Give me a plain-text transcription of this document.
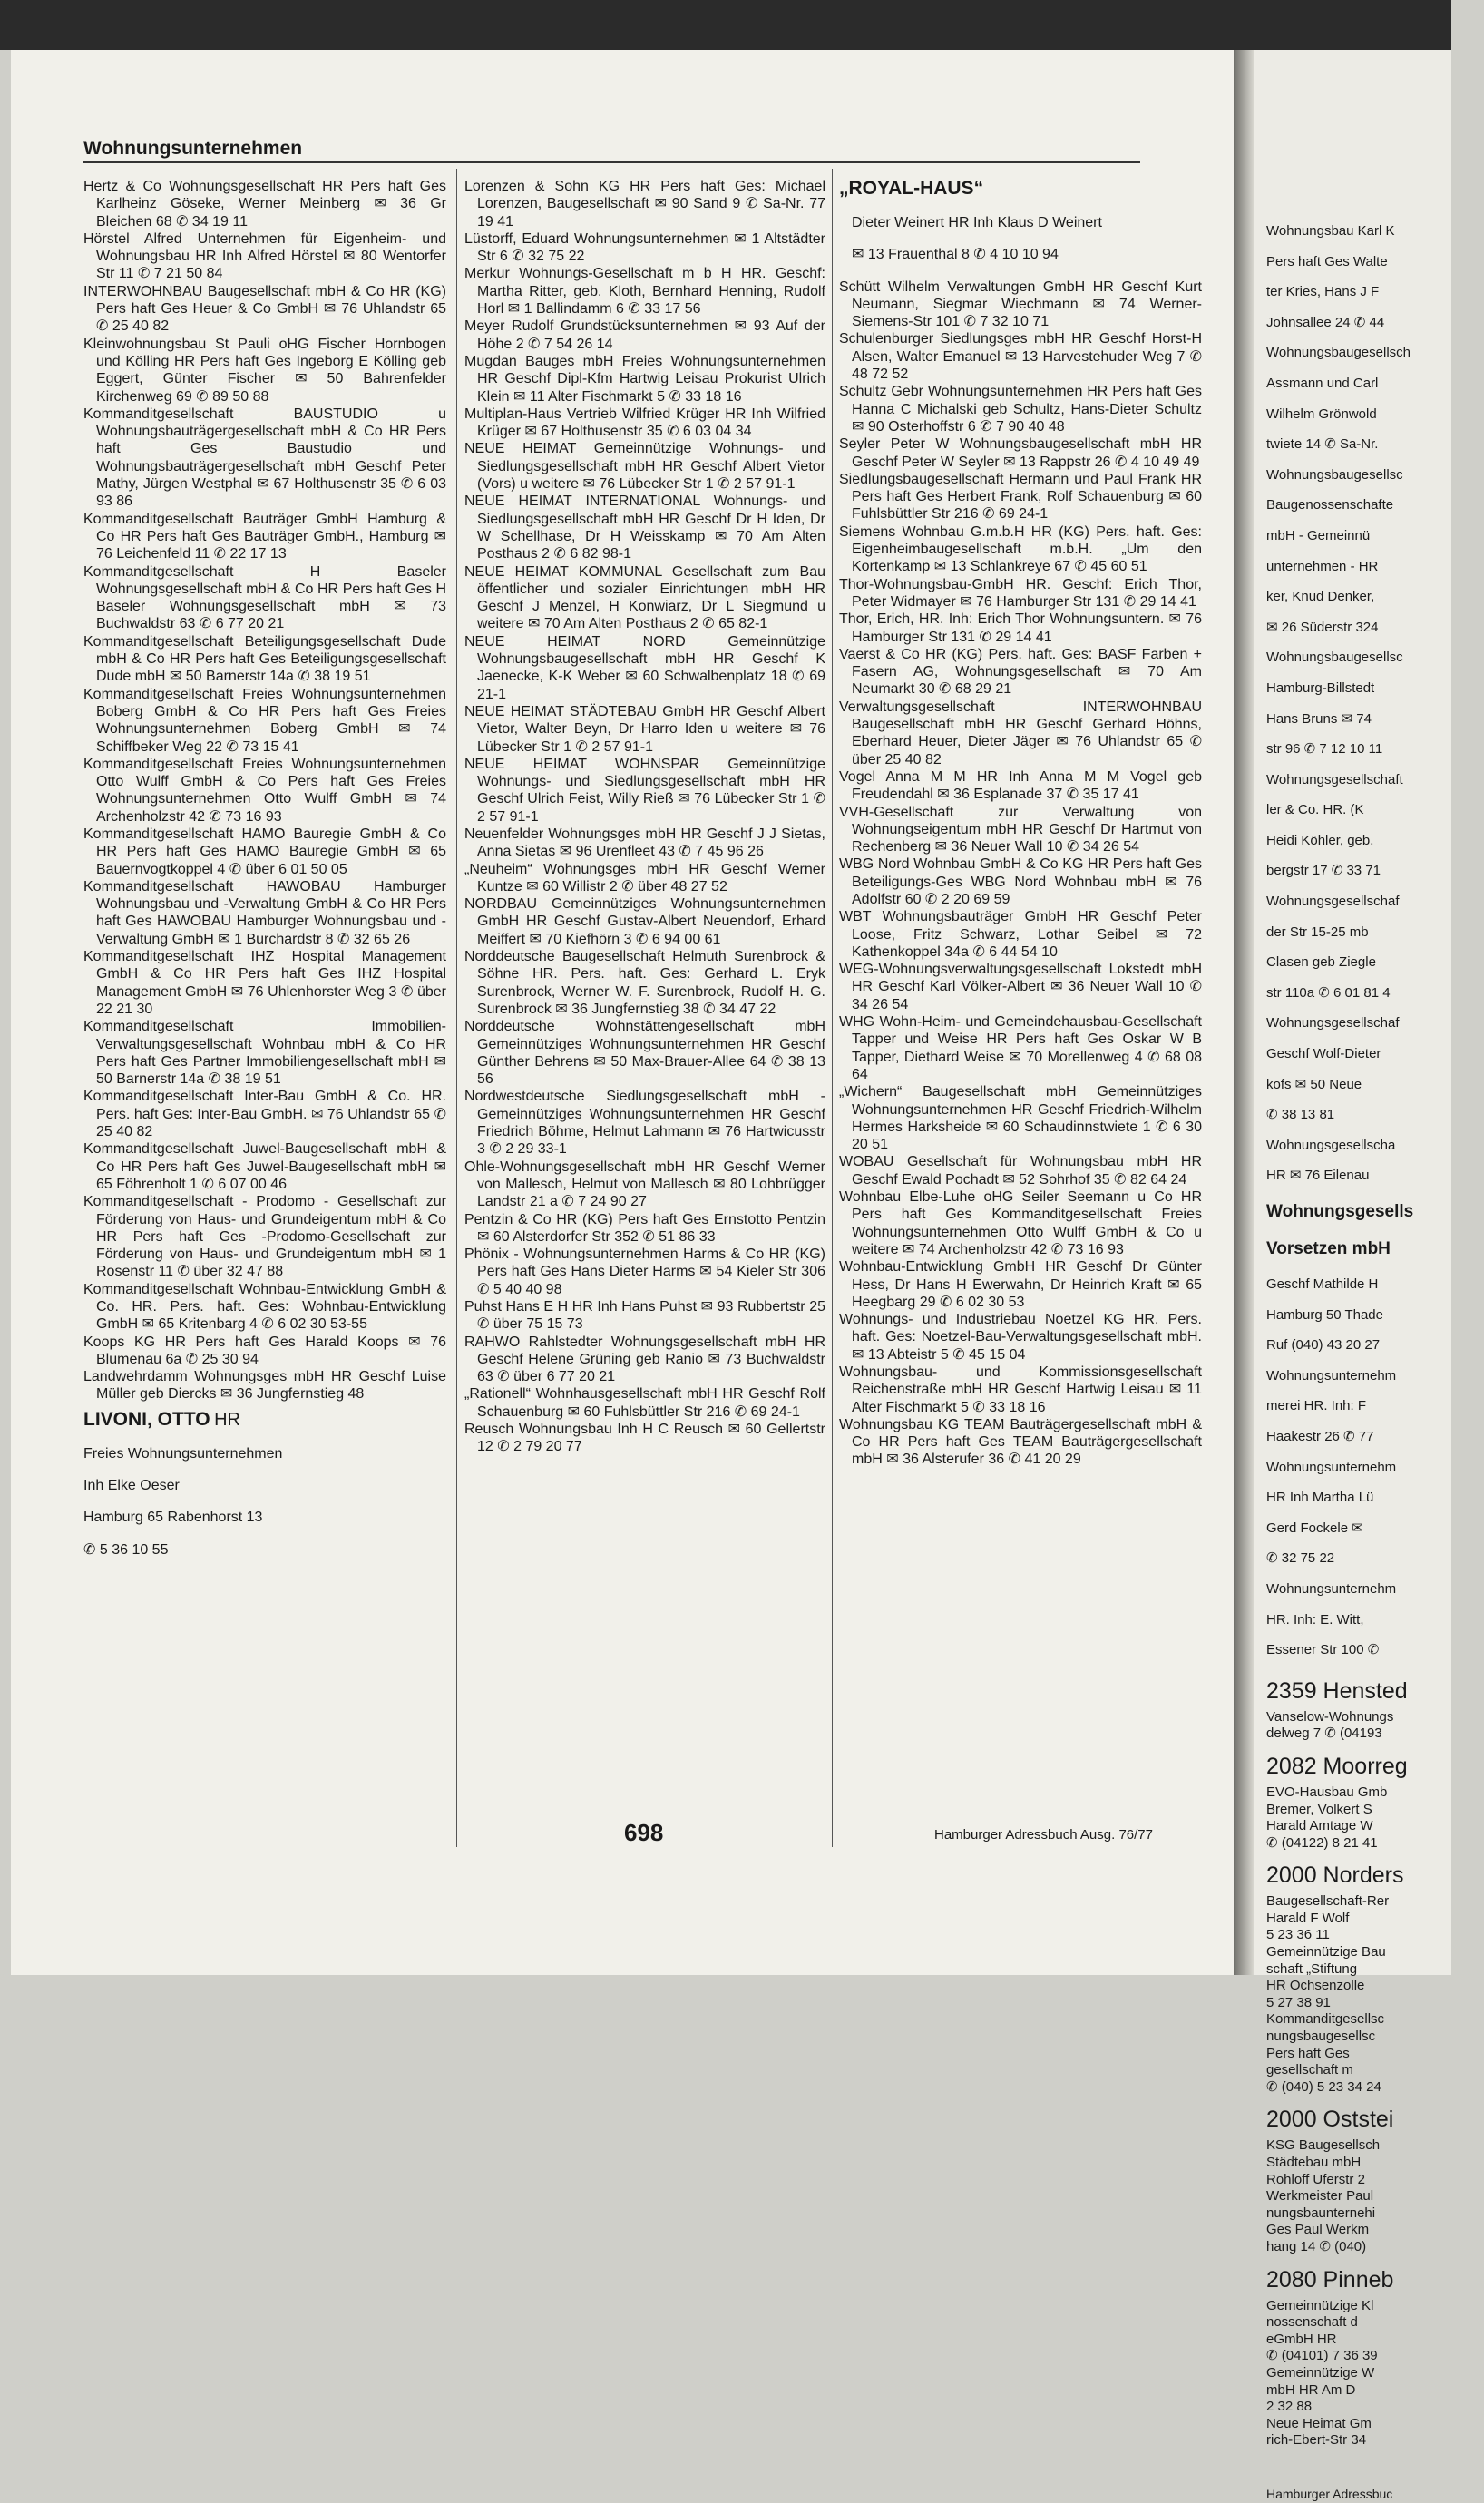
Wohnungsunternehmen

Hertz & Co Wohnungsgesellschaft HR Pers haft Ges Karlheinz Göseke, Werner Meinberg ✉ 36 Gr Bleichen 68 ✆ 34 19 11

Hörstel Alfred Unternehmen für Eigenheim- und Wohnungsbau HR Inh Alfred Hörstel ✉ 80 Wentorfer Str 11 ✆ 7 21 50 84

INTERWOHNBAU Baugesellschaft mbH & Co HR (KG) Pers haft Ges Heuer & Co GmbH ✉ 76 Uhlandstr 65 ✆ 25 40 82

Kleinwohnungsbau St Pauli oHG Fischer Hornbogen und Kölling HR Pers haft Ges Ingeborg E Kölling geb Eggert, Günter Fischer ✉ 50 Bahrenfelder Kirchenweg 69 ✆ 89 50 88

Kommanditgesellschaft BAUSTUDIO u Wohnungsbauträgergesellschaft mbH & Co HR Pers haft Ges Baustudio und Wohnungsbauträgergesellschaft mbH Geschf Peter Mathy, Jürgen Westphal ✉ 67 Holthusenstr 35 ✆ 6 03 93 86

Kommanditgesellschaft Bauträger GmbH Hamburg & Co HR Pers haft Ges Bauträger GmbH., Hamburg ✉ 76 Leichenfeld 11 ✆ 22 17 13

Kommanditgesellschaft H Baseler Wohnungsgesellschaft mbH & Co HR Pers haft Ges H Baseler Wohnungsgesellschaft mbH ✉ 73 Buchwaldstr 63 ✆ 6 77 20 21

Kommanditgesellschaft Beteiligungsgesellschaft Dude mbH & Co HR Pers haft Ges Beteiligungsgesellschaft Dude mbH ✉ 50 Barnerstr 14a ✆ 38 19 51

Kommanditgesellschaft Freies Wohnungsunternehmen Boberg GmbH & Co HR Pers haft Ges Freies Wohnungsunternehmen Boberg GmbH ✉ 74 Schiffbeker Weg 22 ✆ 73 15 41

Kommanditgesellschaft Freies Wohnungsunternehmen Otto Wulff GmbH & Co Pers haft Ges Freies Wohnungsunternehmen Otto Wulff GmbH ✉ 74 Archenholzstr 42 ✆ 73 16 93

Kommanditgesellschaft HAMO Bauregie GmbH & Co HR Pers haft Ges HAMO Bauregie GmbH ✉ 65 Bauernvogtkoppel 4 ✆ über 6 01 50 05

Kommanditgesellschaft HAWOBAU Hamburger Wohnungsbau und -Verwaltung GmbH & Co HR Pers haft Ges HAWOBAU Hamburger Wohnungsbau und -Verwaltung GmbH ✉ 1 Burchardstr 8 ✆ 32 65 26

Kommanditgesellschaft IHZ Hospital Management GmbH & Co HR Pers haft Ges IHZ Hospital Management GmbH ✉ 76 Uhlenhorster Weg 3 ✆ über 22 21 30

Kommanditgesellschaft Immobilien-Verwaltungsgesellschaft Wohnbau mbH & Co HR Pers haft Ges Partner Immobiliengesellschaft mbH ✉ 50 Barnerstr 14a ✆ 38 19 51

Kommanditgesellschaft Inter-Bau GmbH & Co. HR. Pers. haft Ges: Inter-Bau GmbH. ✉ 76 Uhlandstr 65 ✆ 25 40 82

Kommanditgesellschaft Juwel-Baugesellschaft mbH & Co HR Pers haft Ges Juwel-Baugesellschaft mbH ✉ 65 Föhrenholt 1 ✆ 6 07 00 46

Kommanditgesellschaft - Prodomo - Gesellschaft zur Förderung von Haus- und Grundeigentum mbH & Co HR Pers haft Ges -Prodomo-Gesellschaft zur Förderung von Haus- und Grundeigentum mbH ✉ 1 Rosenstr 11 ✆ über 32 47 88

Kommanditgesellschaft Wohnbau-Entwicklung GmbH & Co. HR. Pers. haft. Ges: Wohnbau-Entwicklung GmbH ✉ 65 Kritenbarg 4 ✆ 6 02 30 53-55

Koops KG HR Pers haft Ges Harald Koops ✉ 76 Blumenau 6a ✆ 25 30 94

Landwehrdamm Wohnungsges mbH HR Geschf Luise Müller geb Diercks ✉ 36 Jungfernstieg 48

LIVONI, OTTO HR

Freies Wohnungsunternehmen

Inh Elke Oeser

Hamburg 65 Rabenhorst 13

✆ 5 36 10 55

Lorenzen & Sohn KG HR Pers haft Ges: Michael Lorenzen, Baugesellschaft ✉ 90 Sand 9 ✆ Sa-Nr. 77 19 41

Lüstorff, Eduard Wohnungsunternehmen ✉ 1 Altstädter Str 6 ✆ 32 75 22

Merkur Wohnungs-Gesellschaft m b H HR. Geschf: Martha Ritter, geb. Kloth, Bernhard Henning, Rudolf Horl ✉ 1 Ballindamm 6 ✆ 33 17 56

Meyer Rudolf Grundstücksunternehmen ✉ 93 Auf der Höhe 2 ✆ 7 54 26 14

Mugdan Bauges mbH Freies Wohnungsunternehmen HR Geschf Dipl-Kfm Hartwig Leisau Prokurist Ulrich Klein ✉ 11 Alter Fischmarkt 5 ✆ 33 18 16

Multiplan-Haus Vertrieb Wilfried Krüger HR Inh Wilfried Krüger ✉ 67 Holthusenstr 35 ✆ 6 03 04 34

NEUE HEIMAT Gemeinnützige Wohnungs- und Siedlungsgesellschaft mbH HR Geschf Albert Vietor (Vors) u weitere ✉ 76 Lübecker Str 1 ✆ 2 57 91-1

NEUE HEIMAT INTERNATIONAL Wohnungs- und Siedlungsgesellschaft mbH HR Geschf Dr H Iden, Dr W Schellhase, Dr H Weisskamp ✉ 70 Am Alten Posthaus 2 ✆ 6 82 98-1

NEUE HEIMAT KOMMUNAL Gesellschaft zum Bau öffentlicher und sozialer Einrichtungen mbH HR Geschf J Menzel, H Konwiarz, Dr L Siegmund u weitere ✉ 70 Am Alten Posthaus 2 ✆ 65 82-1

NEUE HEIMAT NORD Gemeinnützige Wohnungsbaugesellschaft mbH HR Geschf K Jaenecke, K-K Weber ✉ 60 Schwalbenplatz 18 ✆ 69 21-1

NEUE HEIMAT STÄDTEBAU GmbH HR Geschf Albert Vietor, Walter Beyn, Dr Harro Iden u weitere ✉ 76 Lübecker Str 1 ✆ 2 57 91-1

NEUE HEIMAT WOHNSPAR Gemeinnützige Wohnungs- und Siedlungsgesellschaft mbH HR Geschf Ulrich Feist, Willy Rieß ✉ 76 Lübecker Str 1 ✆ 2 57 91-1

Neuenfelder Wohnungsges mbH HR Geschf J J Sietas, Anna Sietas ✉ 96 Urenfleet 43 ✆ 7 45 96 26

„Neuheim“ Wohnungsges mbH HR Geschf Werner Kuntze ✉ 60 Willistr 2 ✆ über 48 27 52

NORDBAU Gemeinnütziges Wohnungsunternehmen GmbH HR Geschf Gustav-Albert Neuendorf, Erhard Meiffert ✉ 70 Kiefhörn 3 ✆ 6 94 00 61

Norddeutsche Baugesellschaft Helmuth Surenbrock & Söhne HR. Pers. haft. Ges: Gerhard L. Eryk Surenbrock, Werner W. F. Surenbrock, Rudolf H. G. Surenbrock ✉ 36 Jungfernstieg 38 ✆ 34 47 22

Norddeutsche Wohnstättengesellschaft mbH Gemeinnütziges Wohnungsunternehmen HR Geschf Günther Behrens ✉ 50 Max-Brauer-Allee 64 ✆ 38 13 56

Nordwestdeutsche Siedlungsgesellschaft mbH - Gemeinnütziges Wohnungsunternehmen HR Geschf Friedrich Böhme, Helmut Lahmann ✉ 76 Hartwicusstr 3 ✆ 2 29 33-1

Ohle-Wohnungsgesellschaft mbH HR Geschf Werner von Mallesch, Helmut von Mallesch ✉ 80 Lohbrügger Landstr 21 a ✆ 7 24 90 27

Pentzin & Co HR (KG) Pers haft Ges Ernstotto Pentzin ✉ 60 Alsterdorfer Str 352 ✆ 51 86 33

Phönix - Wohnungsunternehmen Harms & Co HR (KG) Pers haft Ges Hans Dieter Harms ✉ 54 Kieler Str 306 ✆ 5 40 40 98

Puhst Hans E H HR Inh Hans Puhst ✉ 93 Rubbertstr 25 ✆ über 75 15 73

RAHWO Rahlstedter Wohnungsgesellschaft mbH HR Geschf Helene Grüning geb Ranio ✉ 73 Buchwaldstr 63 ✆ über 6 77 20 21

„Rationell“ Wohnhausgesellschaft mbH HR Geschf Rolf Schauenburg ✉ 60 Fuhlsbüttler Str 216 ✆ 69 24-1

Reusch Wohnungsbau Inh H C Reusch ✉ 60 Gellertstr 12 ✆ 2 79 20 77

„ROYAL-HAUS“

Dieter Weinert HR Inh Klaus D Weinert

✉ 13 Frauenthal 8 ✆ 4 10 10 94

Schütt Wilhelm Verwaltungen GmbH HR Geschf Kurt Neumann, Siegmar Wiechmann ✉ 74 Werner-Siemens-Str 101 ✆ 7 32 10 71

Schulenburger Siedlungsges mbH HR Geschf Horst-H Alsen, Walter Emanuel ✉ 13 Harvestehuder Weg 7 ✆ 48 72 52

Schultz Gebr Wohnungsunternehmen HR Pers haft Ges Hanna C Michalski geb Schultz, Hans-Dieter Schultz ✉ 90 Osterhoffstr 6 ✆ 7 90 40 48

Seyler Peter W Wohnungsbaugesellschaft mbH HR Geschf Peter W Seyler ✉ 13 Rappstr 26 ✆ 4 10 49 49

Siedlungsbaugesellschaft Hermann und Paul Frank HR Pers haft Ges Herbert Frank, Rolf Schauenburg ✉ 60 Fuhlsbüttler Str 216 ✆ 69 24-1

Siemens Wohnbau G.m.b.H HR (KG) Pers. haft. Ges: Eigenheimbaugesellschaft m.b.H. „Um den Kortenkamp ✉ 13 Schlankreye 67 ✆ 45 60 51

Thor-Wohnungsbau-GmbH HR. Geschf: Erich Thor, Peter Widmayer ✉ 76 Hamburger Str 131 ✆ 29 14 41

Thor, Erich, HR. Inh: Erich Thor Wohnungsuntern. ✉ 76 Hamburger Str 131 ✆ 29 14 41

Vaerst & Co HR (KG) Pers. haft. Ges: BASF Farben + Fasern AG, Wohnungsgesellschaft ✉ 70 Am Neumarkt 30 ✆ 68 29 21

Verwaltungsgesellschaft INTERWOHNBAU Baugesellschaft mbH HR Geschf Gerhard Höhns, Eberhard Heuer, Dieter Jäger ✉ 76 Uhlandstr 65 ✆ über 25 40 82

Vogel Anna M M HR Inh Anna M M Vogel geb Freudendahl ✉ 36 Esplanade 37 ✆ 35 17 41

VVH-Gesellschaft zur Verwaltung von Wohnungseigentum mbH HR Geschf Dr Hartmut von Rechenberg ✉ 36 Neuer Wall 10 ✆ 34 26 54

WBG Nord Wohnbau GmbH & Co KG HR Pers haft Ges Beteiligungs-Ges WBG Nord Wohnbau mbH ✉ 76 Adolfstr 60 ✆ 2 20 69 59

WBT Wohnungsbauträger GmbH HR Geschf Peter Loose, Fritz Schwarz, Lothar Seibel ✉ 72 Kathenkoppel 34a ✆ 6 44 54 10

WEG-Wohnungsverwaltungsgesellschaft Lokstedt mbH HR Geschf Karl Völker-Albert ✉ 36 Neuer Wall 10 ✆ 34 26 54

WHG Wohn-Heim- und Gemeindehausbau-Gesellschaft Tapper und Weise HR Pers haft Ges Oskar W B Tapper, Diethard Weise ✉ 70 Morellenweg 4 ✆ 68 08 64

„Wichern“ Baugesellschaft mbH Gemeinnütziges Wohnungsunternehmen HR Geschf Friedrich-Wilhelm Hermes Harksheide ✉ 60 Schaudinnstwiete 1 ✆ 6 30 20 51

WOBAU Gesellschaft für Wohnungsbau mbH HR Geschf Ewald Pochadt ✉ 52 Sohrhof 35 ✆ 82 64 24

Wohnbau Elbe-Luhe oHG Seiler Seemann u Co HR Pers haft Ges Kommanditgesellschaft Freies Wohnungsunternehmen Otto Wulff GmbH & Co u weitere ✉ 74 Archenholzstr 42 ✆ 73 16 93

Wohnbau-Entwicklung GmbH HR Geschf Dr Günter Hess, Dr Hans H Ewerwahn, Dr Heinrich Kraft ✉ 65 Heegbarg 29 ✆ 6 02 30 53

Wohnungs- und Industriebau Noetzel KG HR. Pers. haft. Ges: Noetzel-Bau-Verwaltungsgesellschaft mbH. ✉ 13 Abteistr 5 ✆ 45 15 04

Wohnungsbau- und Kommissionsgesellschaft Reichenstraße mbH HR Geschf Hartwig Leisau ✉ 11 Alter Fischmarkt 5 ✆ 33 18 16

Wohnungsbau KG TEAM Bauträgergesellschaft mbH & Co HR Pers haft Ges TEAM Bauträgergesellschaft mbH ✉ 36 Alsterufer 36 ✆ 41 20 29

698	Hamburger Adressbuch Ausg. 76/77

Wohnungsbau Karl K

Pers haft Ges Walte

ter Kries, Hans J F

Johnsallee 24 ✆ 44

Wohnungsbaugesellsch

Assmann und Carl

Wilhelm Grönwold

twiete 14 ✆ Sa-Nr.

Wohnungsbaugesellsc

Baugenossenschafte

mbH - Gemeinnü

unternehmen - HR

ker, Knud Denker,

✉ 26 Süderstr 324

Wohnungsbaugesellsc

Hamburg-Billstedt

Hans Bruns ✉ 74

str 96 ✆ 7 12 10 11

Wohnungsgesellschaft

ler & Co. HR. (K

Heidi Köhler, geb.

bergstr 17 ✆ 33 71

Wohnungsgesellschaf

der Str 15-25 mb

Clasen geb Ziegle

str 110a ✆ 6 01 81 4

Wohnungsgesellschaf

Geschf Wolf-Dieter

kofs ✉ 50 Neue

✆ 38 13 81

Wohnungsgesellscha

HR ✉ 76 Eilenau

Wohnungsgesells

Vorsetzen mbH

Geschf Mathilde H

Hamburg 50 Thade

Ruf (040) 43 20 27

Wohnungsunternehm

merei HR. Inh: F

Haakestr 26 ✆ 77

Wohnungsunternehm

HR Inh Martha Lü

Gerd Fockele ✉

✆ 32 75 22

Wohnungsunternehm

HR. Inh: E. Witt,

Essener Str 100 ✆

2359 Hensted
Vanselow-Wohnungs
delweg 7 ✆ (04193
2082 Moorreg
EVO-Hausbau Gmb
Bremer, Volkert S
Harald Amtage W
✆ (04122) 8 21 41
2000 Norders
Baugesellschaft-Rer
Harald F Wolf
5 23 36 11
Gemeinnützige Bau
schaft „Stiftung
HR Ochsenzolle
5 27 38 91
Kommanditgesellsc
nungsbaugesellsc
Pers haft Ges
gesellschaft m
✆ (040) 5 23 34 24
2000 Oststei
KSG Baugesellsch
Städtebau mbH
Rohloff Uferstr 2
Werkmeister Paul
nungsbaunternehi
Ges Paul Werkm
hang 14 ✆ (040)
2080 Pinneb
Gemeinnützige Kl
nossenschaft d
eGmbH HR
✆ (04101) 7 36 39
Gemeinnützige W
mbH HR Am D
2 32 88
Neue Heimat Gm
rich-Ebert-Str 34
Hamburger Adressbuc
